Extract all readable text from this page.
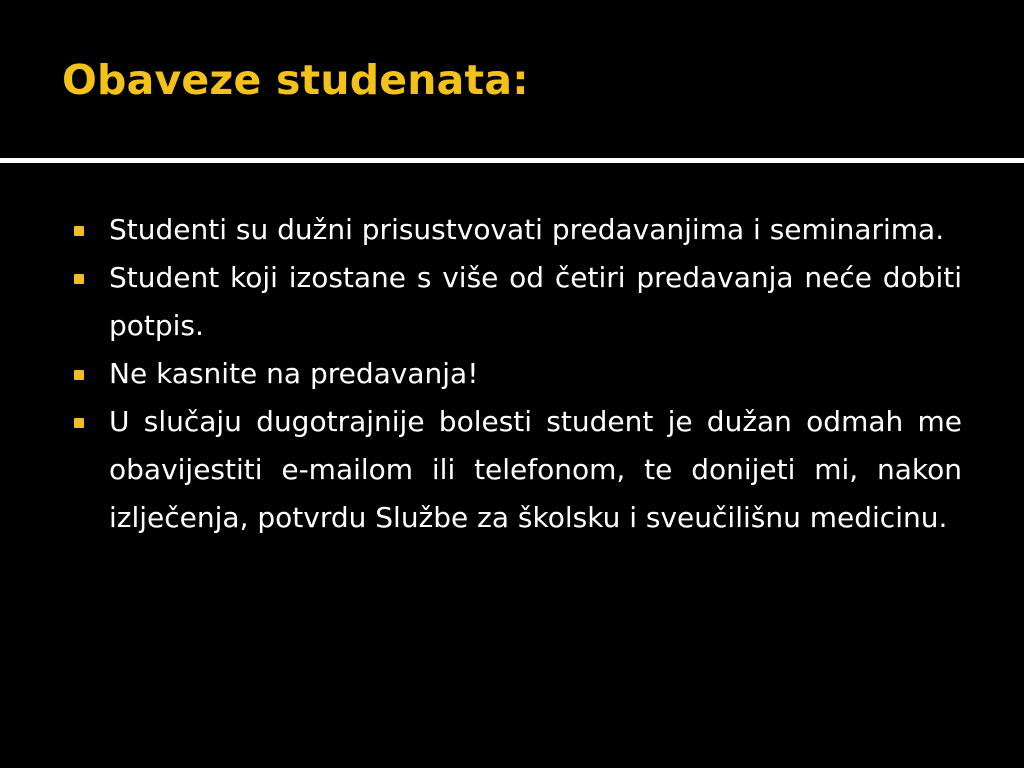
Obaveze studenata:
Studenti su dužni prisustvovati predavanjima i seminarima.
Student koji izostane s više od četiri predavanja neće dobiti potpis.
Ne kasnite na predavanja!
U slučaju dugotrajnije bolesti student je dužan odmah me obavijestiti e-mailom ili telefonom, te donijeti mi, nakon izlječenja, potvrdu Službe za školsku i sveučilišnu medicinu.
